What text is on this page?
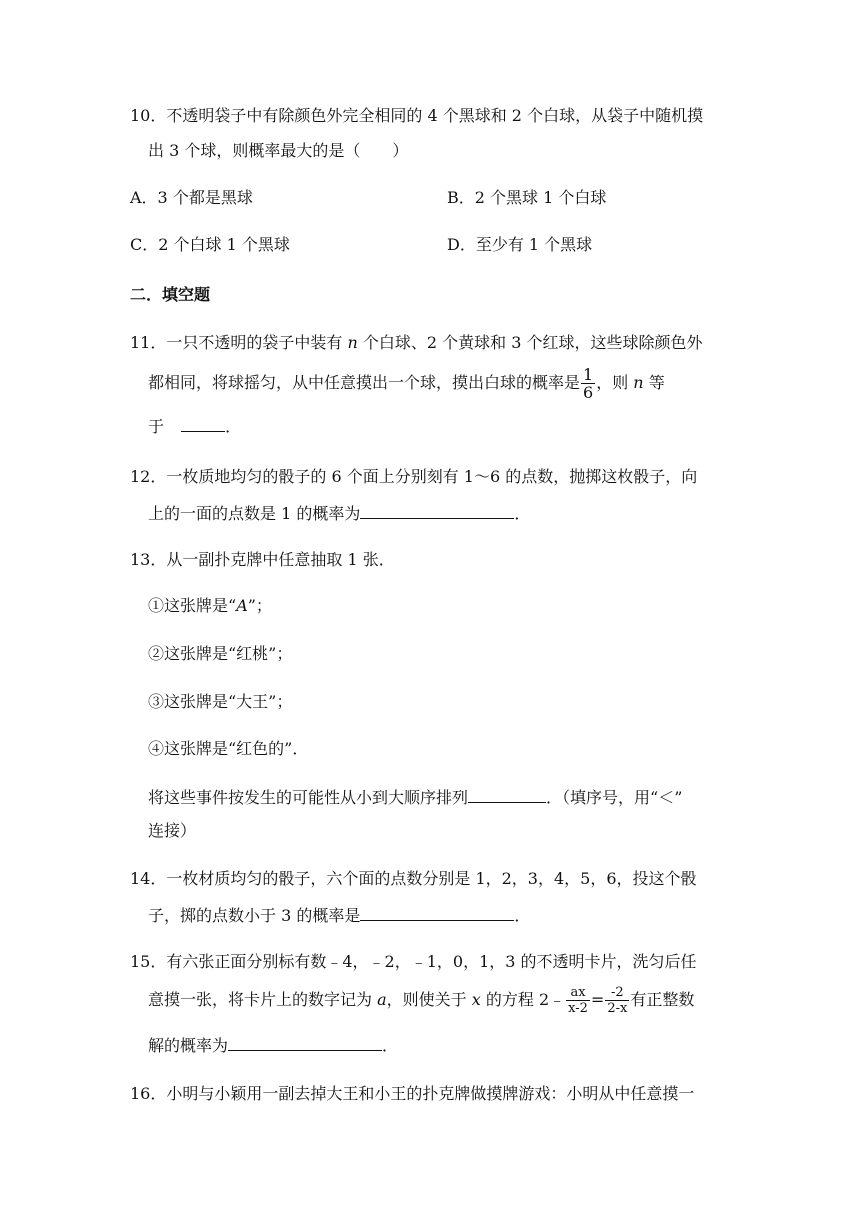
10．不透明袋子中有除颜色外完全相同的 4 个黑球和 2 个白球，从袋子中随机摸
出 3 个球，则概率最大的是（　　）
A．3 个都是黑球	B．2 个黑球 1 个白球
C．2 个白球 1 个黑球	D．至少有 1 个黑球
二．填空题
11．一只不透明的袋子中装有 n 个白球、2 个黄球和 3 个红球，这些球除颜色外
都相同，将球摇匀，从中任意摸出一个球，摸出白球的概率是 $\frac{1}{6}$ ，则 n 等
于	．
12．一枚质地均匀的骰子的 6 个面上分别刻有 1～6 的点数，抛掷这枚骰子，向
上的一面的点数是 1 的概率为	．
13．从一副扑克牌中任意抽取 1 张．
①这张牌是“A”；
②这张牌是“红桃”；
③这张牌是“大王”；
④这张牌是“红色的”．
将这些事件按发生的可能性从小到大顺序排列	．（填序号，用“＜”
连接）
14．一枚材质均匀的骰子，六个面的点数分别是 1，2，3，4，5，6，投这个骰
子，掷的点数小于 3 的概率是	．
15．有六张正面分别标有数﹣4，﹣2，﹣1，0，1，3 的不透明卡片，洗匀后任
意摸一张，将卡片上的数字记为 a，则使关于 x 的方程 2﹣ $\frac{ax}{x-2} = \frac{-2}{2-x}$ 有正整数
解的概率为	．
16．小明与小颖用一副去掉大王和小王的扑克牌做摸牌游戏：小明从中任意摸一
